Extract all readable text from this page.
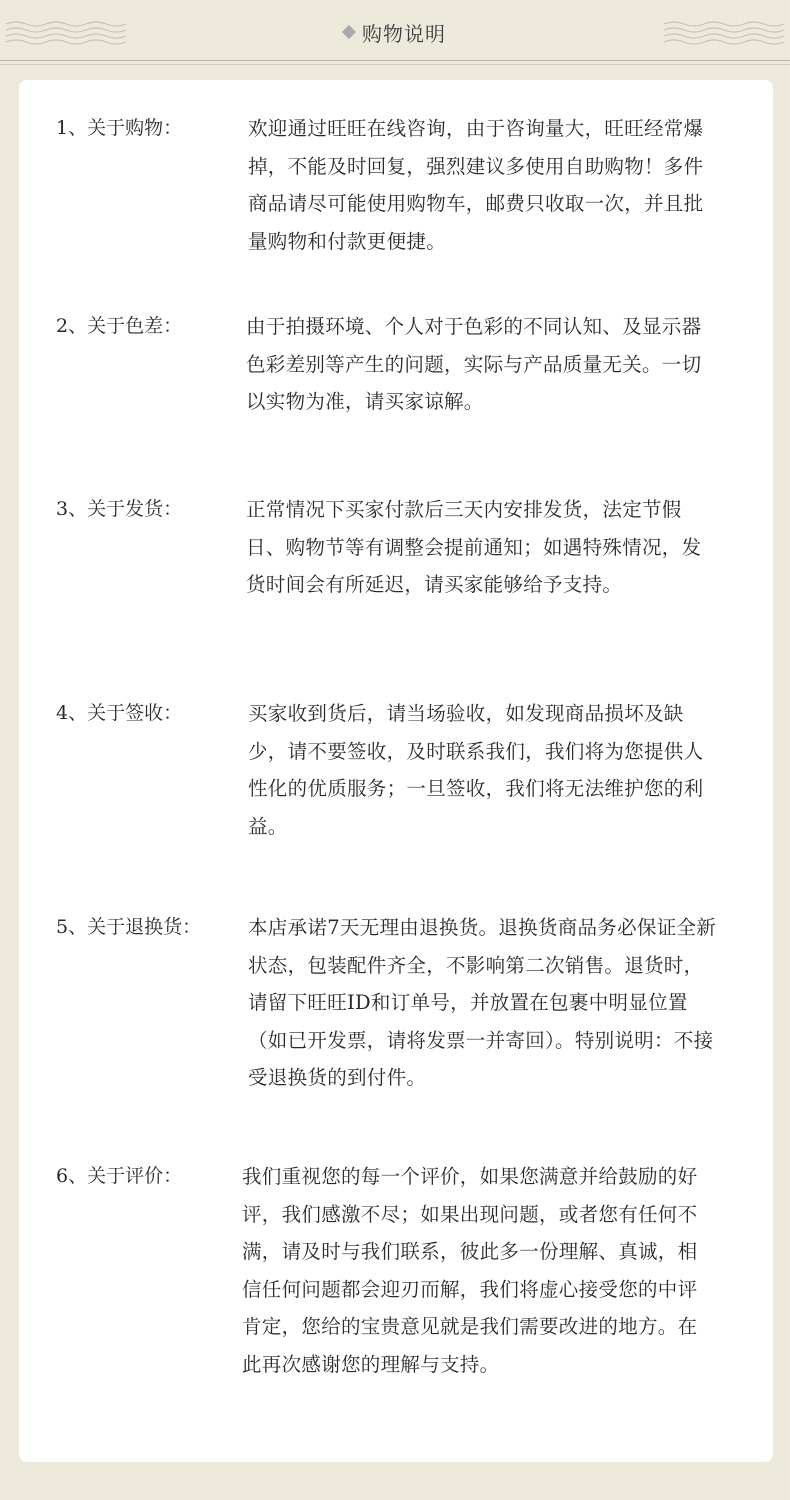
购物说明
1、关于购物：	欢迎通过旺旺在线咨询，由于咨询量大，旺旺经常爆掉，不能及时回复，强烈建议多使用自助购物！多件商品请尽可能使用购物车，邮费只收取一次，并且批量购物和付款更便捷。
2、关于色差：	由于拍摄环境、个人对于色彩的不同认知、及显示器色彩差别等产生的问题，实际与产品质量无关。一切以实物为准，请买家谅解。
3、关于发货：	正常情况下买家付款后三天内安排发货，法定节假日、购物节等有调整会提前通知；如遇特殊情况，发货时间会有所延迟，请买家能够给予支持。
4、关于签收：	买家收到货后，请当场验收，如发现商品损坏及缺少，请不要签收，及时联系我们，我们将为您提供人性化的优质服务；一旦签收，我们将无法维护您的利益。
5、关于退换货： 本店承诺7天无理由退换货。退换货商品务必保证全新状态，包装配件齐全，不影响第二次销售。退货时，请留下旺旺ID和订单号，并放置在包裹中明显位置（如已开发票，请将发票一并寄回）。特别说明：不接受退换货的到付件。
6、关于评价：	我们重视您的每一个评价，如果您满意并给鼓励的好评，我们感激不尽；如果出现问题，或者您有任何不满，请及时与我们联系，彼此多一份理解、真诚，相信任何问题都会迎刃而解，我们将虚心接受您的中评肯定，您给的宝贵意见就是我们需要改进的地方。在此再次感谢您的理解与支持。
